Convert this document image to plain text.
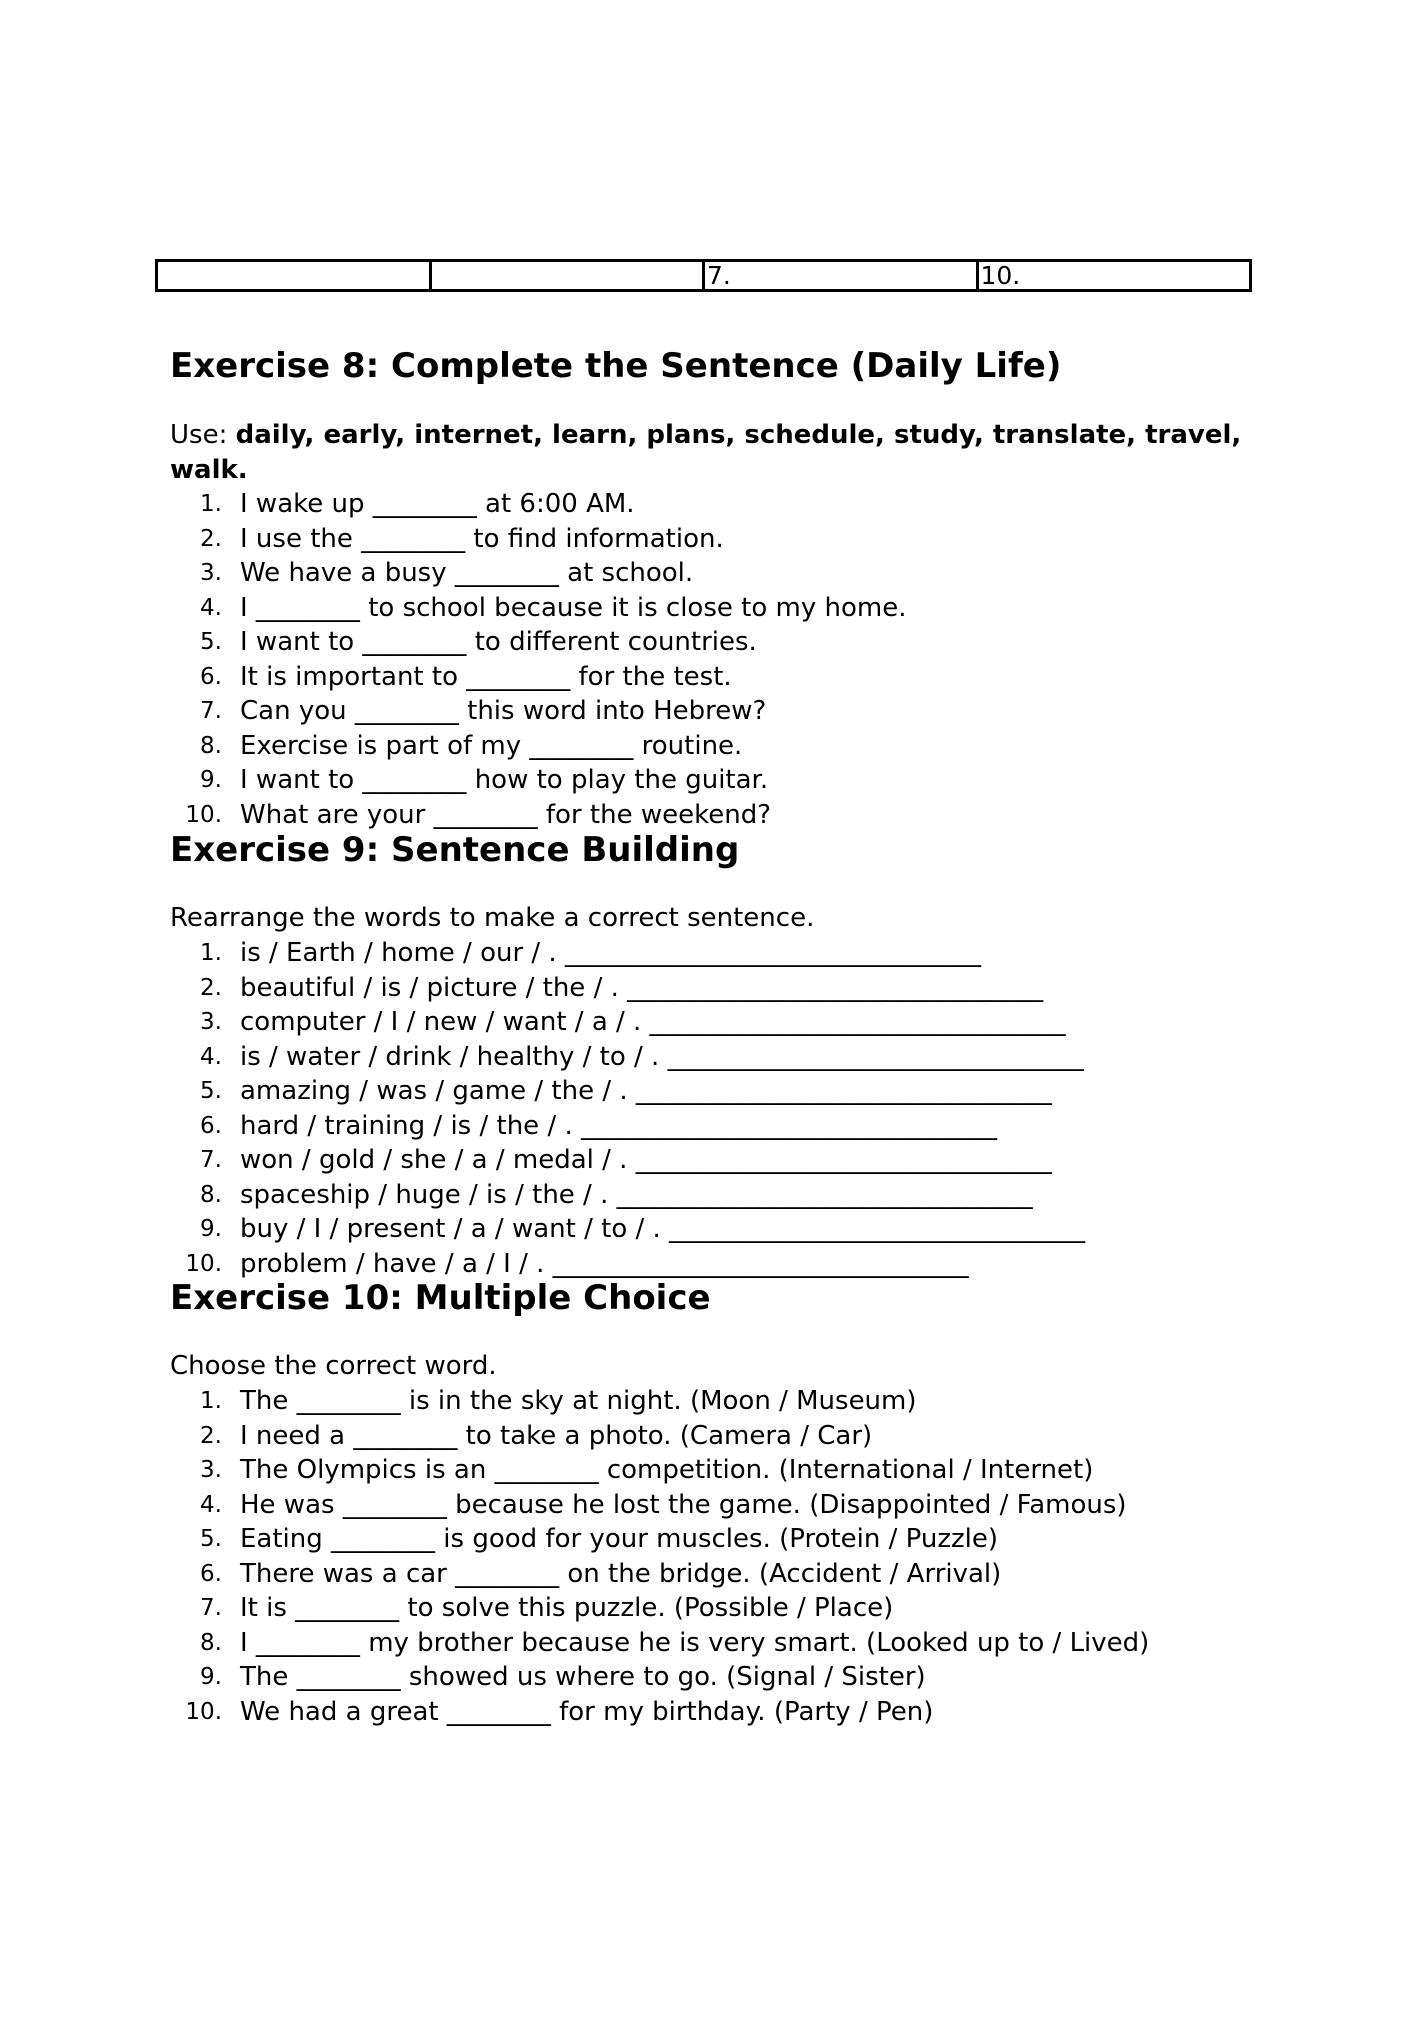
		7.	10.
Exercise 8: Complete the Sentence (Daily Life)
Use: daily, early, internet, learn, plans, schedule, study, translate, travel, walk.
1. I wake up ________ at 6:00 AM.
2. I use the ________ to find information.
3. We have a busy ________ at school.
4. I ________ to school because it is close to my home.
5. I want to ________ to different countries.
6. It is important to ________ for the test.
7. Can you ________ this word into Hebrew?
8. Exercise is part of my ________ routine.
9. I want to ________ how to play the guitar.
10. What are your ________ for the weekend?
Exercise 9: Sentence Building
Rearrange the words to make a correct sentence.
1. is / Earth / home / our / . ________________________________
2. beautiful / is / picture / the / . ________________________________
3. computer / I / new / want / a / . ________________________________
4. is / water / drink / healthy / to / . ________________________________
5. amazing / was / game / the / . ________________________________
6. hard / training / is / the / . ________________________________
7. won / gold / she / a / medal / . ________________________________
8. spaceship / huge / is / the / . ________________________________
9. buy / I / present / a / want / to / . ________________________________
10. problem / have / a / I / . ________________________________
Exercise 10: Multiple Choice
Choose the correct word.
1. The ________ is in the sky at night. (Moon / Museum)
2. I need a ________ to take a photo. (Camera / Car)
3. The Olympics is an ________ competition. (International / Internet)
4. He was ________ because he lost the game. (Disappointed / Famous)
5. Eating ________ is good for your muscles. (Protein / Puzzle)
6. There was a car ________ on the bridge. (Accident / Arrival)
7. It is ________ to solve this puzzle. (Possible / Place)
8. I ________ my brother because he is very smart. (Looked up to / Lived)
9. The ________ showed us where to go. (Signal / Sister)
10. We had a great ________ for my birthday. (Party / Pen)
